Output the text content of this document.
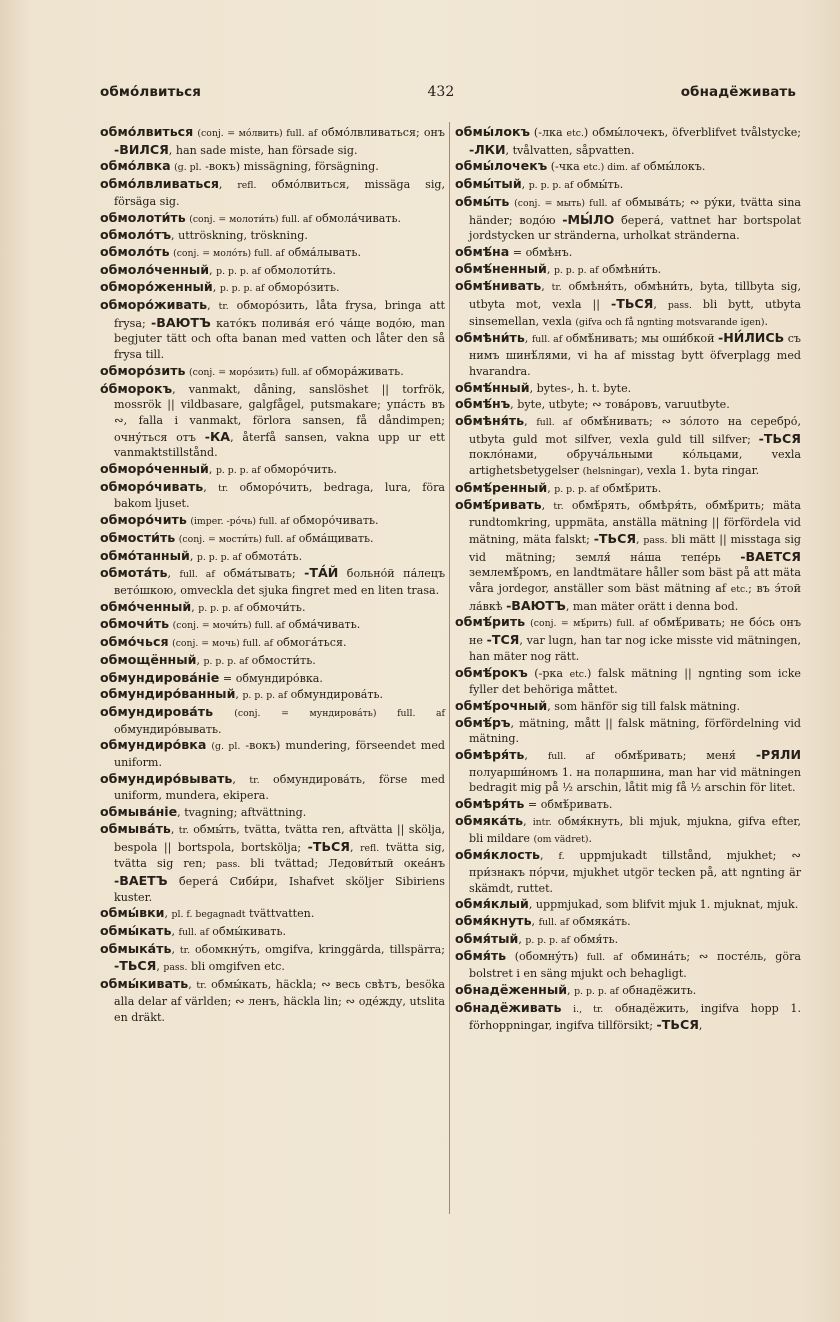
обмо́лвиться	432	обнадёживать

обмо́лвиться (conj. = мо́лвить) full. af обмо́лвливаться; онъ -ВИЛСЯ, han sade miste, han försade sig.

обмо́лвка (g. pl. -вокъ) missägning, försägning.

обмо́лвливаться, refl. обмо́лвиться, missäga sig, försäga sig.

обмолоти́ть (conj. = молоти́ть) full. af обмола́чивать.

обмоло́тъ, uttröskning, tröskning.

обмоло́ть (conj. = моло́ть) full. af обма́лывать.

обмоло́ченный, p. p. p. af обмолоти́ть.

обморо́женный, p. p. p. af обморо́зить.

обморо́живать, tr. обморо́зить, låta frysa, bringa att frysa; -ВАЮТЪ като́къ полива́я его́ ча́ще водо́ю, man begjuter tätt och ofta banan med vatten och låter den så frysa till.

обморо́зить (conj. = моро́зить) full. af обмора́живать.

о́бморокъ, vanmakt, dåning, sanslöshet || torfrök, mossrök || vildbasare, galgfågel, putsmakare; упа́сть въ ∾, falla i vanmakt, förlora sansen, få dåndimpen; очну́ться отъ -КА, återfå sansen, vakna upp ur ett vanmaktstillstånd.

обморо́ченный, p. p. p. af обморо́чить.

обморо́чивать, tr. обморо́чить, bedraga, lura, föra bakom ljuset.

обморо́чить (imper. -ро́чь) full. af обморо́чивать.

обмости́ть (conj. = мости́ть) full. af обма́щивать.

обмо́танный, p. p. p. af обмота́ть.

обмота́ть, full. af обма́тывать; -ТА́Й больно́й па́лецъ вето́шкою, omveckla det sjuka fingret med en liten trasa.

обмо́ченный, p. p. p. af обмочи́ть.

обмочи́ть (conj. = мочи́ть) full. af обма́чивать.

обмо́чься (conj. = мочь) full. af обмога́ться.

обмощённый, p. p. p. af обмости́ть.

обмундирова́ніе = обмундиро́вка.

обмундиро́ванный, p. p. p. af обмундирова́ть.

обмундирова́ть (conj. = мундирова́ть) full. af обмундиро́вывать.

обмундиро́вка (g. pl. -вокъ) mundering, förseendet med uniform.

обмундиро́вывать, tr. обмундирова́ть, förse med uniform, mundera, ekipera.

обмыва́ніе, tvagning; aftvättning.

обмыва́ть, tr. обмы́ть, tvätta, tvätta ren, aftvätta || skölja, bespola || bortspola, bortskölja; -ТЬСЯ, refl. tvätta sig, tvätta sig ren; pass. bli tvättad; Ледови́тый океа́нъ -ВАЕТЪ берега́ Сиби́ри, Ishafvet sköljer Sibiriens kuster.

обмы́вки, pl. f. begagnadt tvättvatten.

обмы́кать, full. af обмы́кивать.

обмыка́ть, tr. обомкну́ть, omgifva, kringgärda, tillspärra; -ТЬСЯ, pass. bli omgifven etc.

обмы́кивать, tr. обмы́кать, häckla; ∾ весь свѣтъ, besöka alla delar af världen; ∾ ленъ, häckla lin; ∾ оде́жду, utslita en dräkt.

обмы́локъ (-лка etc.) обмы́лочекъ, öfverblifvet tvålstycke; -ЛКИ, tvålvatten, såpvatten.

обмы́лочекъ (-чка etc.) dim. af обмы́локъ.

обмы́тый, p. p. p. af обмы́ть.

обмы́ть (conj. = мыть) full. af обмыва́ть; ∾ ру́ки, tvätta sina händer; водо́ю -МЫ́ЛО берега́, vattnet har bortspolat jordstycken ur stränderna, urholkat stränderna.

обмѣ́на = обмѣнъ.

обмѣ́ненный, p. p. p. af обмѣни́ть.

обмѣ́нивать, tr. обмѣня́ть, обмѣни́ть, byta, tillbyta sig, utbyta mot, vexla || -ТЬСЯ, pass. bli bytt, utbyta sinsemellan, vexla (gifva och få ngnting motsvarande igen).

обмѣни́ть, full. af обмѣ́нивать; мы оши́бкой -НИ́ЛИСЬ съ нимъ шинѣ́лями, vi ha af misstag bytt öfverplagg med hvarandra.

обмѣ́нный, bytes-, h. t. byte.

обмѣ́нъ, byte, utbyte; ∾ това́ровъ, varuutbyte.

обмѣня́ть, full. af обмѣ́нивать; ∾ зо́лото на серебро́, utbyta guld mot silfver, vexla guld till silfver; -ТЬСЯ покло́нами, обруча́льными ко́льцами, vexla artighetsbetygelser (helsningar), vexla 1. byta ringar.

обмѣ́ренный, p. p. p. af обмѣ́рить.

обмѣ́ривать, tr. обмѣ́рять, обмѣря́ть, обмѣ́рить; mäta rundtomkring, uppmäta, anställa mätning || förfördela vid mätning, mäta falskt; -ТЬСЯ, pass. bli mätt || misstaga sig vid mätning; земля́ на́ша тепе́рь -ВАЕТСЯ землемѣ́ромъ, en landtmätare håller som bäst på att mäta våra jordegor, anställer som bäst mätning af etc.; въ э́той ла́вкѣ -ВАЮТЪ, man mäter orätt i denna bod.

обмѣ́рить (conj. = мѣ́рить) full. af обмѣ́ривать; не бо́сь онъ не -ТСЯ, var lugn, han tar nog icke misste vid mätningen, han mäter nog rätt.

обмѣ́рокъ (-рка etc.) falsk mätning || ngnting som icke fyller det behöriga måttet.

обмѣ́рочный, som hänför sig till falsk mätning.

обмѣ́ръ, mätning, mått || falsk mätning, förfördelning vid mätning.

обмѣря́ть, full. af обмѣ́ривать; меня́ -РЯЛИ полуарши́номъ 1. на поларшина, man har vid mätningen bedragit mig på ½ arschin, låtit mig få ½ arschin för litet.

обмѣря́ть = обмѣ́ривать.

обмяка́ть, intr. обмя́кнуть, bli mjuk, mjukna, gifva efter, bli mildare (om vädret).

обмя́клость, f. uppmjukadt tillstånd, mjukhet; ∾ при́знакъ по́рчи, mjukhet utgör tecken på, att ngnting är skämdt, ruttet.

обмя́клый, uppmjukad, som blifvit mjuk 1. mjuknat, mjuk.

обмя́кнуть, full. af обмяка́ть.

обмя́тый, p. p. p. af обмя́ть.

обмя́ть (обомну́ть) full. af обмина́ть; ∾ посте́ль, göra bolstret i en säng mjukt och behagligt.

обнадёженный, p. p. p. af обнадёжить.

обнадёживать i., tr. обнадёжить, ingifva hopp 1. förhoppningar, ingifva tillförsikt; -ТЬСЯ,
